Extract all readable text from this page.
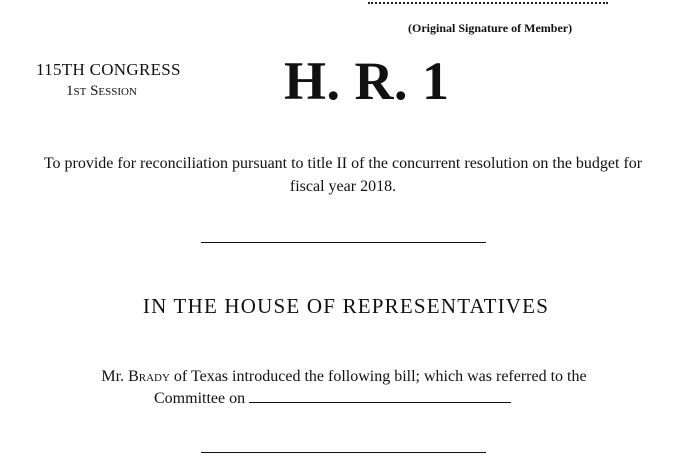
(Original Signature of Member)
115TH CONGRESS
1st Session	H. R. 1
To provide for reconciliation pursuant to title II of the concurrent resolution on the budget for fiscal year 2018.
IN THE HOUSE OF REPRESENTATIVES
Mr. Brady of Texas introduced the following bill; which was referred to the
Committee on
